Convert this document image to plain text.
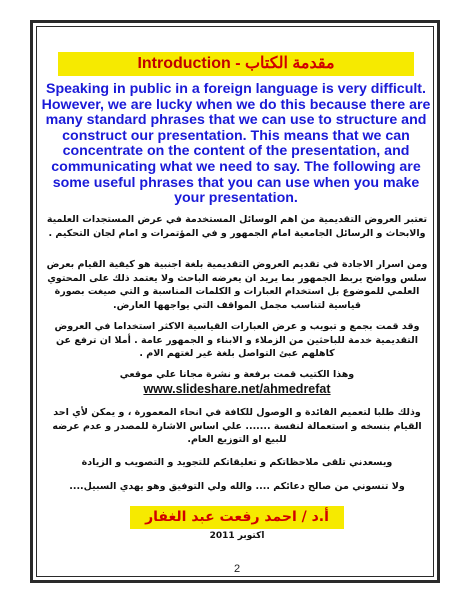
Introduction - مقدمة الكتاب
Speaking in public in a foreign language is very difficult. However, we are lucky when we do this because there are many standard phrases that we can use to structure and construct our presentation. This means that we can concentrate on the content of the presentation, and communicating what we need to say. The following are some useful phrases that you can use when you make your presentation.
تعتبر العروض التقديمية من اهم الوسائل المستخدمة في عرض المستجدات العلمية والابحاث و الرسائل الجامعية امام الجمهور و في المؤتمرات و امام لجان التحكيم .
ومن اسرار الاجادة في تقديم العروض التقديمية بلغة اجنبية هو كيفية القيام بعرض سلس وواضح يربط الجمهور بما يريد ان يعرضه الباحث ولا يعتمد ذلك على المحتوي العلمي للموضوع بل استخدام العبارات و الكلمات المناسبة و التي صيغت بصورة قياسية لتناسب مجمل المواقف التي يواجهها العارض.
وقد قمت بجمع و تبويب و عرض العبارات القياسية الاكثر استخداما في العروض التقديمية خدمة للباحثين من الزملاء و الابناء و الجمهور عامة . أملا ان ترفع عن كاهلهم عبئ التواصل بلغة غير لغتهم الام .
وهذا الكتيب قمت برفعة و نشرة مجانا علي موقعي
www.slideshare.net/ahmedrefat
وذلك طلبا لتعميم الفائدة و الوصول للكافة في انحاء المعمورة ، و يمكن لأي احد القيام بنسخه و استعمالة لنفسة ....... علي اساس الاشارة للمصدر و عدم عرضه للبيع او التوزيع العام.
ويسعدني تلقى ملاحظاتكم و تعليقاتكم للتجويد و التصويب و الزيادة
ولا تنسوني من صالح دعائكم .... والله ولي التوفيق وهو يهدي السبيل....
أ.د / احمد رفعت عبد الغفار
اكتوبر 2011
2
